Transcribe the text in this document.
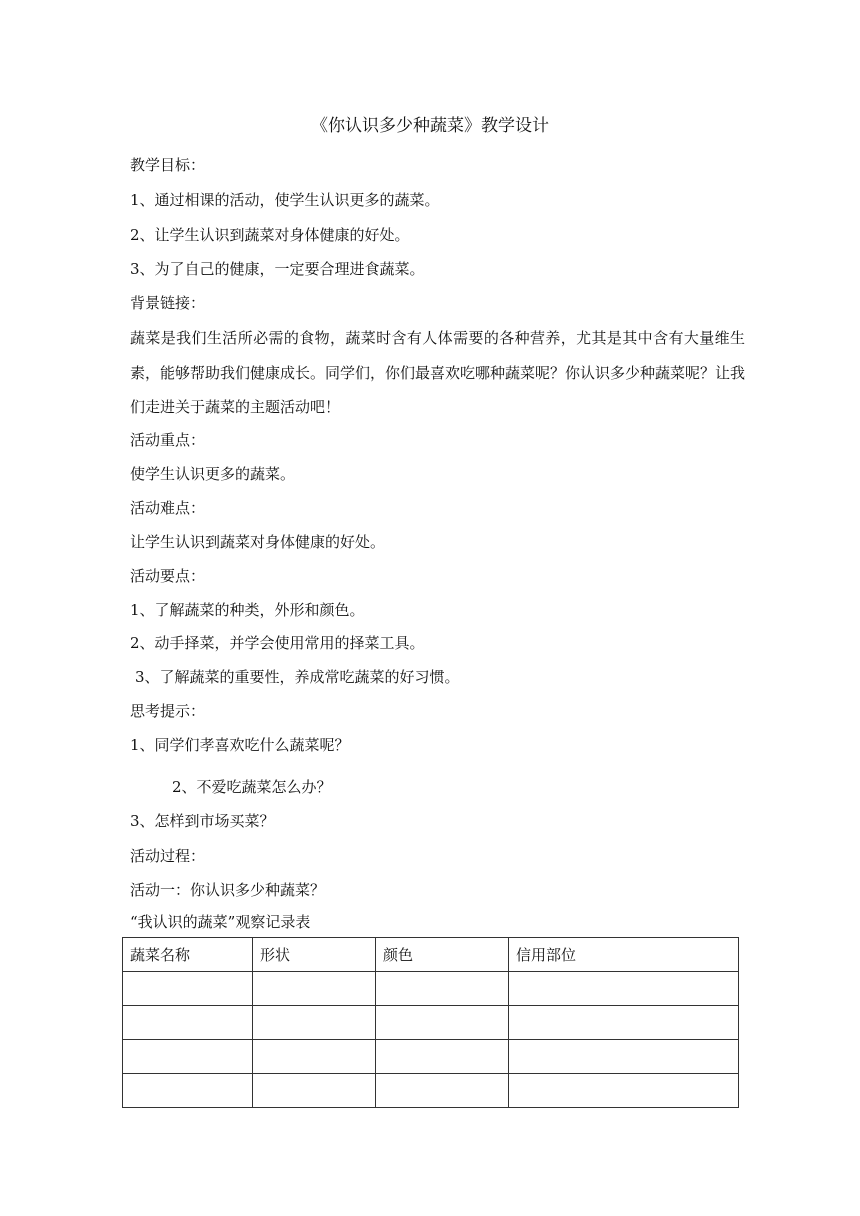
《你认识多少种蔬菜》教学设计
教学目标：
1、通过相课的活动，使学生认识更多的蔬菜。
2、让学生认识到蔬菜对身体健康的好处。
3、为了自己的健康，一定要合理进食蔬菜。
背景链接：
蔬菜是我们生活所必需的食物，蔬菜时含有人体需要的各种营养，尤其是其中含有大量维生素，能够帮助我们健康成长。同学们，你们最喜欢吃哪种蔬菜呢？你认识多少种蔬菜呢？让我们走进关于蔬菜的主题活动吧！
活动重点：
使学生认识更多的蔬菜。
活动难点：
让学生认识到蔬菜对身体健康的好处。
活动要点：
1、了解蔬菜的种类，外形和颜色。
2、动手择菜，并学会使用常用的择菜工具。
3、了解蔬菜的重要性，养成常吃蔬菜的好习惯。
思考提示：
1、同学们孝喜欢吃什么蔬菜呢？
2、不爱吃蔬菜怎么办？
3、怎样到市场买菜？
活动过程：
活动一：你认识多少种蔬菜？
“我认识的蔬菜”观察记录表
蔬菜名称	形状	颜色	信用部位
